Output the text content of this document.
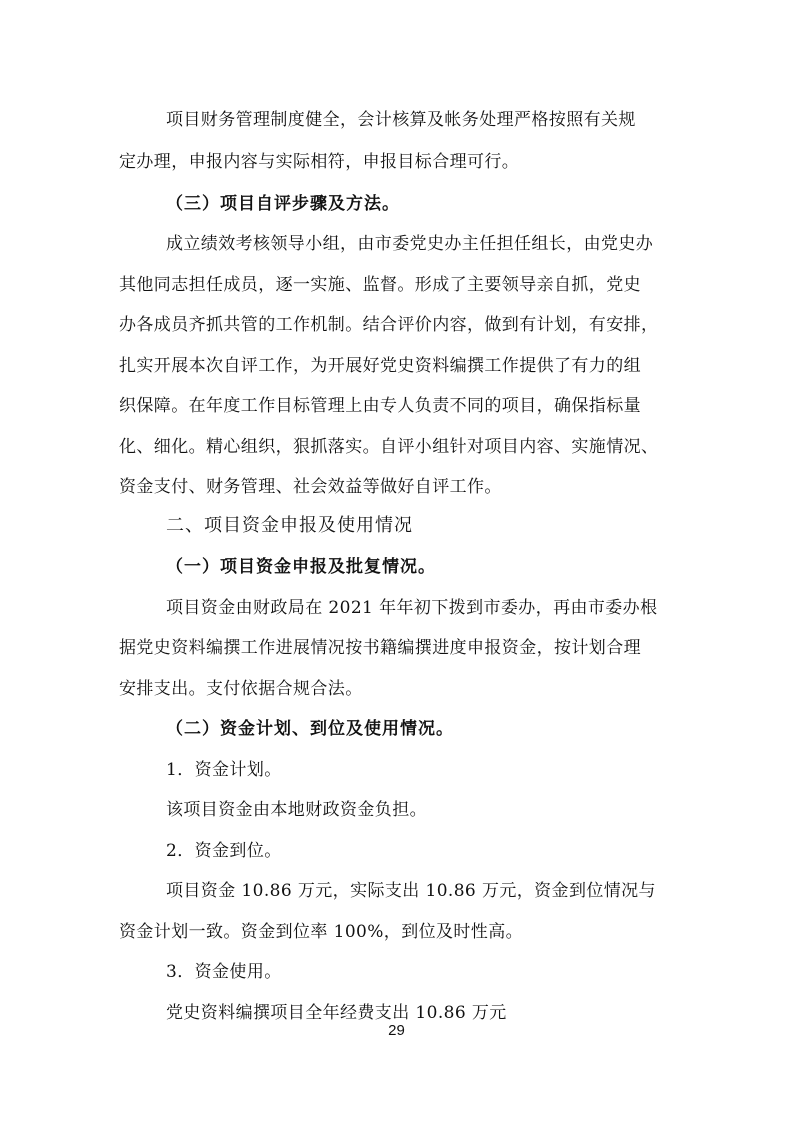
项目财务管理制度健全，会计核算及帐务处理严格按照有关规
定办理，申报内容与实际相符，申报目标合理可行。
（三）项目自评步骤及方法。
成立绩效考核领导小组，由市委党史办主任担任组长，由党史办
其他同志担任成员，逐一实施、监督。形成了主要领导亲自抓，党史
办各成员齐抓共管的工作机制。结合评价内容，做到有计划，有安排，
扎实开展本次自评工作，为开展好党史资料编撰工作提供了有力的组
织保障。在年度工作目标管理上由专人负责不同的项目，确保指标量
化、细化。精心组织，狠抓落实。自评小组针对项目内容、实施情况、
资金支付、财务管理、社会效益等做好自评工作。
二、项目资金申报及使用情况
（一）项目资金申报及批复情况。
项目资金由财政局在 2021 年年初下拨到市委办，再由市委办根
据党史资料编撰工作进展情况按书籍编撰进度申报资金，按计划合理
安排支出。支付依据合规合法。
（二）资金计划、到位及使用情况。
1．资金计划。
该项目资金由本地财政资金负担。
2．资金到位。
项目资金 10.86 万元，实际支出 10.86 万元，资金到位情况与
资金计划一致。资金到位率 100%，到位及时性高。
3．资金使用。
党史资料编撰项目全年经费支出 10.86 万元
29
